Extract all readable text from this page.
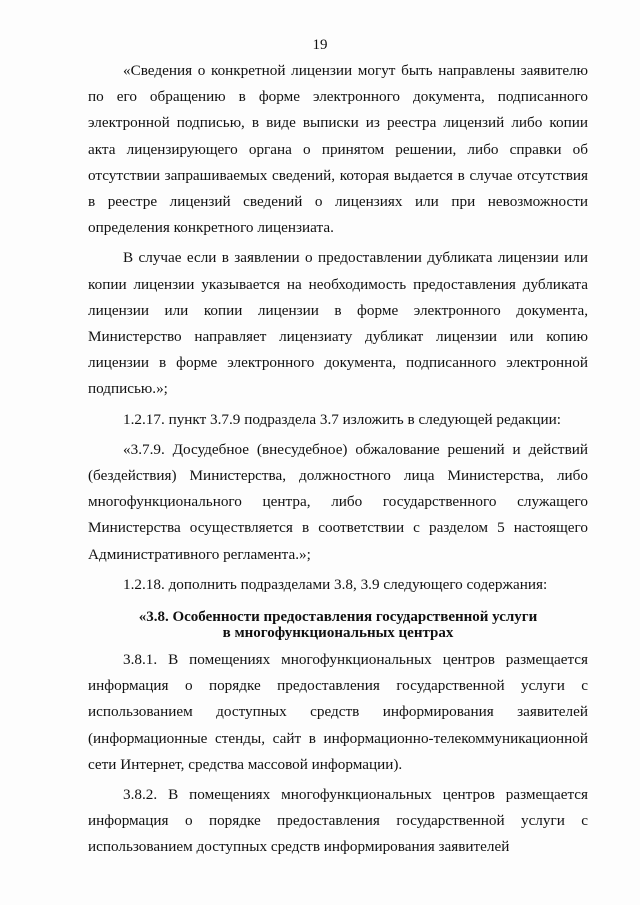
19

«Сведения о конкретной лицензии могут быть направлены заявителю по его обращению в форме электронного документа, подписанного электронной подписью, в виде выписки из реестра лицензий либо копии акта лицензирующего органа о принятом решении, либо справки об отсутствии запрашиваемых сведений, которая выдается в случае отсутствия в реестре лицензий сведений о лицензиях или при невозможности определения конкретного лицензиата.

В случае если в заявлении о предоставлении дубликата лицензии или копии лицензии указывается на необходимость предоставления дубликата лицензии или копии лицензии в форме электронного документа, Министерство направляет лицензиату дубликат лицензии или копию лицензии в форме электронного документа, подписанного электронной подписью.»;

1.2.17. пункт 3.7.9 подраздела 3.7 изложить в следующей редакции:

«3.7.9. Досудебное (внесудебное) обжалование решений и действий (бездействия) Министерства, должностного лица Министерства, либо многофункционального центра, либо государственного служащего Министерства осуществляется в соответствии с разделом 5 настоящего Административного регламента.»;

1.2.18. дополнить подразделами 3.8, 3.9 следующего содержания:

«3.8. Особенности предоставления государственной услуги
в многофункциональных центрах

3.8.1. В помещениях многофункциональных центров размещается информация о порядке предоставления государственной услуги с использованием доступных средств информирования заявителей (информационные стенды, сайт в информационно-телекоммуникационной сети Интернет, средства массовой информации).

3.8.2. В помещениях многофункциональных центров размещается информация о порядке предоставления государственной услуги с использованием доступных средств информирования заявителей
